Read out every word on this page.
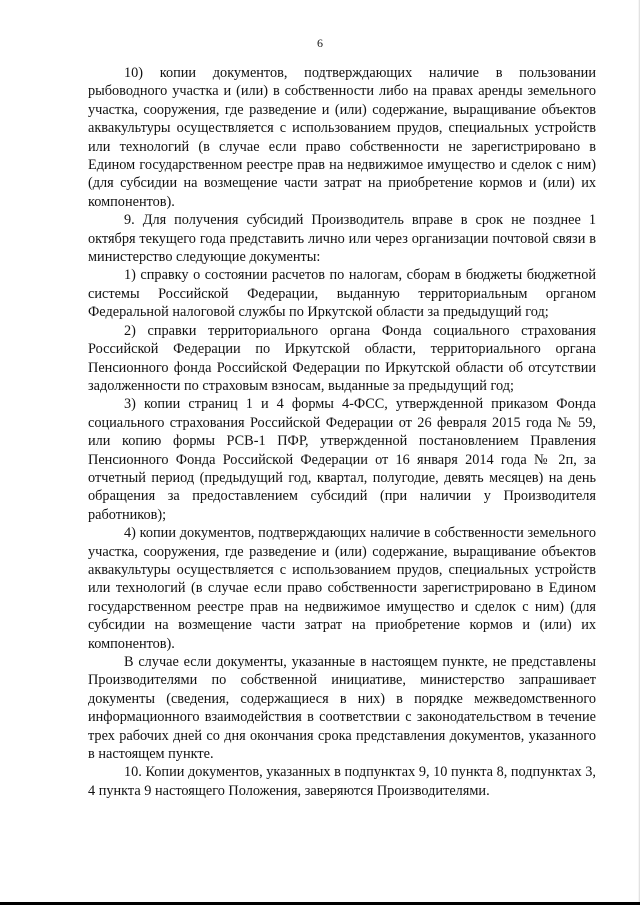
6

10) копии документов, подтверждающих наличие в пользовании рыбоводного участка и (или) в собственности либо на правах аренды земельного участка, сооружения, где разведение и (или) содержание, выращивание объектов аквакультуры осуществляется с использованием прудов, специальных устройств или технологий (в случае если право собственности не зарегистрировано в Едином государственном реестре прав на недвижимое имущество и сделок с ним) (для субсидии на возмещение части затрат на приобретение кормов и (или) их компонентов).

9. Для получения субсидий Производитель вправе в срок не позднее 1 октября текущего года представить лично или через организации почтовой связи в министерство следующие документы:

1) справку о состоянии расчетов по налогам, сборам в бюджеты бюджетной системы Российской Федерации, выданную территориальным органом Федеральной налоговой службы по Иркутской области за предыдущий год;

2) справки территориального органа Фонда социального страхования Российской Федерации по Иркутской области, территориального органа Пенсионного фонда Российской Федерации по Иркутской области об отсутствии задолженности по страховым взносам, выданные за предыдущий год;

3) копии страниц 1 и 4 формы 4-ФСС, утвержденной приказом Фонда социального страхования Российской Федерации от 26 февраля 2015 года № 59, или копию формы РСВ-1 ПФР, утвержденной постановлением Правления Пенсионного Фонда Российской Федерации от 16 января 2014 года № 2п, за отчетный период (предыдущий год, квартал, полугодие, девять месяцев) на день обращения за предоставлением субсидий (при наличии у Производителя работников);

4) копии документов, подтверждающих наличие в собственности земельного участка, сооружения, где разведение и (или) содержание, выращивание объектов аквакультуры осуществляется с использованием прудов, специальных устройств или технологий (в случае если право собственности зарегистрировано в Едином государственном реестре прав на недвижимое имущество и сделок с ним) (для субсидии на возмещение части затрат на приобретение кормов и (или) их компонентов).

В случае если документы, указанные в настоящем пункте, не представлены Производителями по собственной инициативе, министерство запрашивает документы (сведения, содержащиеся в них) в порядке межведомственного информационного взаимодействия в соответствии с законодательством в течение трех рабочих дней со дня окончания срока представления документов, указанного в настоящем пункте.

10. Копии документов, указанных в подпунктах 9, 10 пункта 8, подпунктах 3, 4 пункта 9 настоящего Положения, заверяются Производителями.
